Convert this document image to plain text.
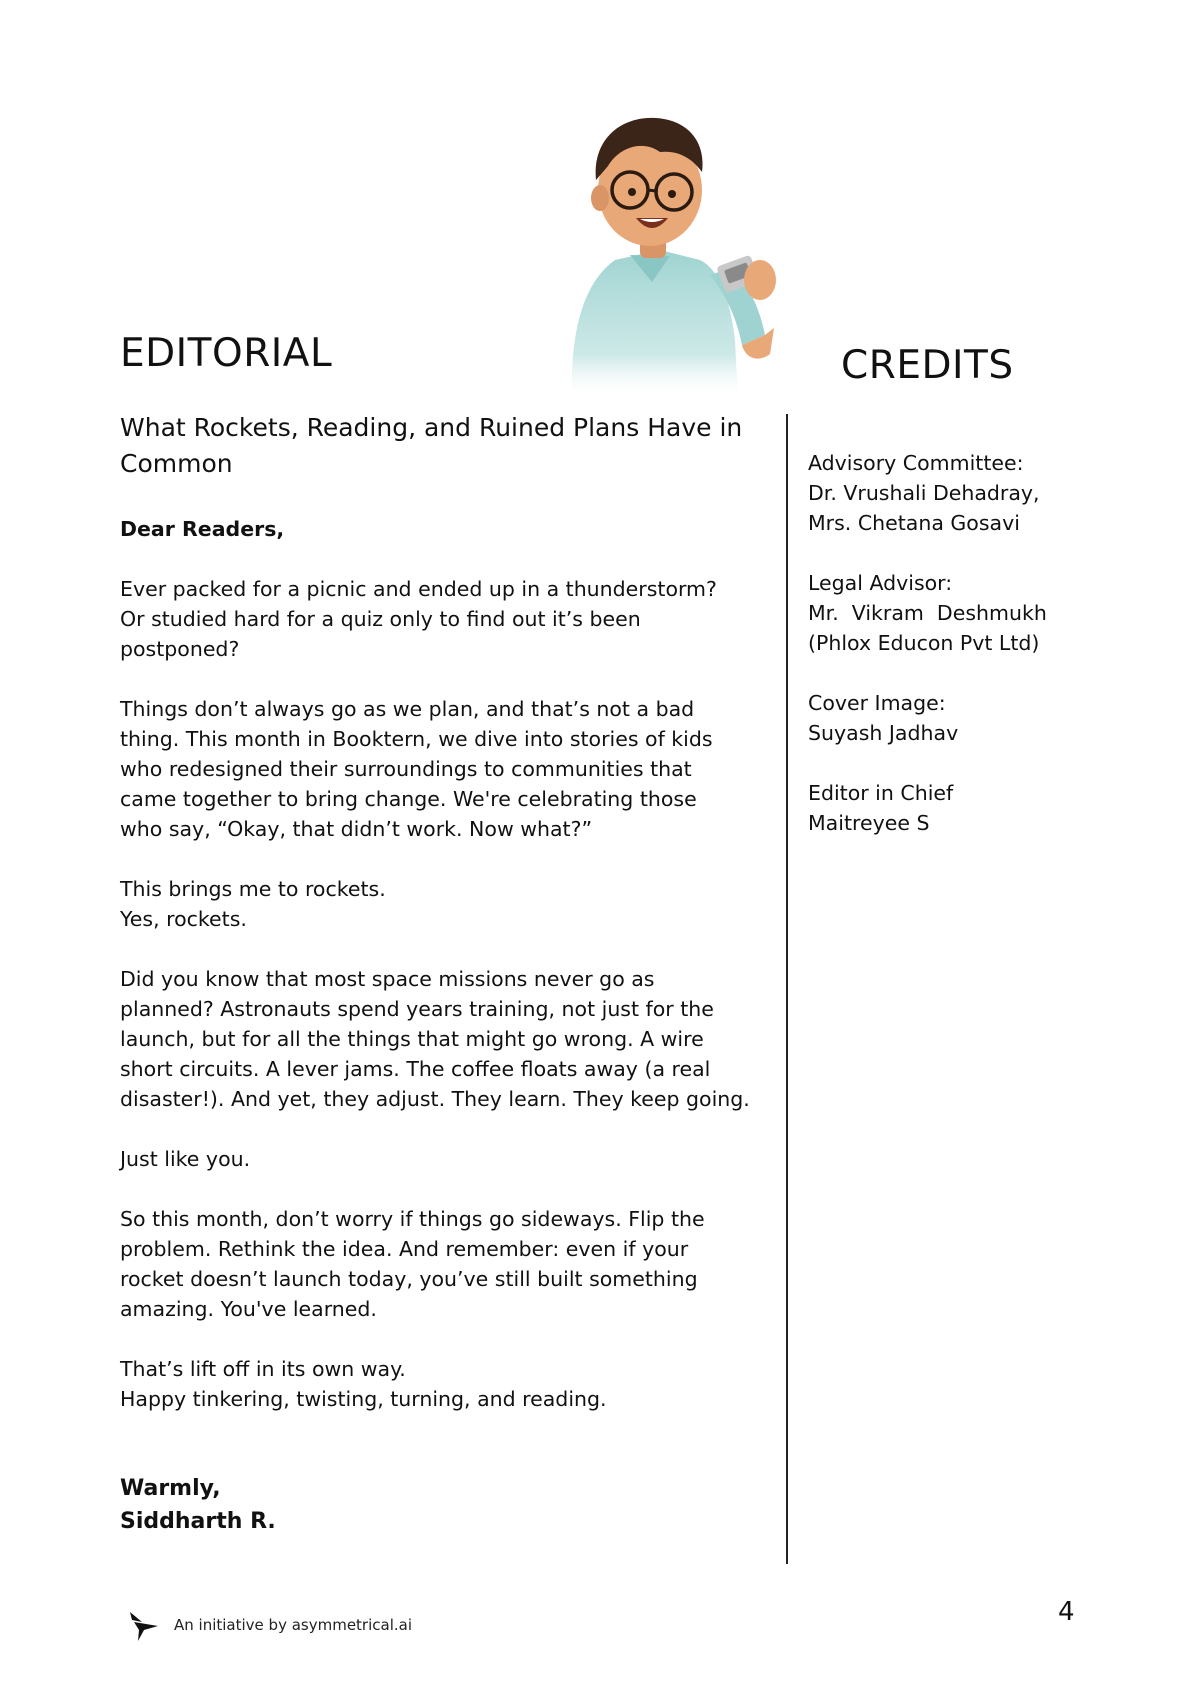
EDITORIAL	CREDITS
What Rockets, Reading, and Ruined Plans Have in Common

Dear Readers,

Ever packed for a picnic and ended up in a thunderstorm?
Or studied hard for a quiz only to find out it’s been
postponed?

Things don’t always go as we plan, and that’s not a bad
thing. This month in Booktern, we dive into stories of kids
who redesigned their surroundings to communities that
came together to bring change. We're celebrating those
who say, “Okay, that didn’t work. Now what?”

This brings me to rockets.
Yes, rockets.

Did you know that most space missions never go as
planned? Astronauts spend years training, not just for the
launch, but for all the things that might go wrong. A wire
short circuits. A lever jams. The coffee floats away (a real
disaster!). And yet, they adjust. They learn. They keep going.

Just like you.

So this month, don’t worry if things go sideways. Flip the
problem. Rethink the idea. And remember: even if your
rocket doesn’t launch today, you’ve still built something
amazing. You've learned.

That’s lift off in its own way.
Happy tinkering, twisting, turning, and reading.

Warmly,
Siddharth R.
Advisory Committee:
Dr. Vrushali Dehadray,
Mrs. Chetana Gosavi
Legal Advisor:
Mr.  Vikram  Deshmukh
(Phlox Educon Pvt Ltd)
Cover Image:
Suyash Jadhav
Editor in Chief
Maitreyee S
An initiative by asymmetrical.ai	4
